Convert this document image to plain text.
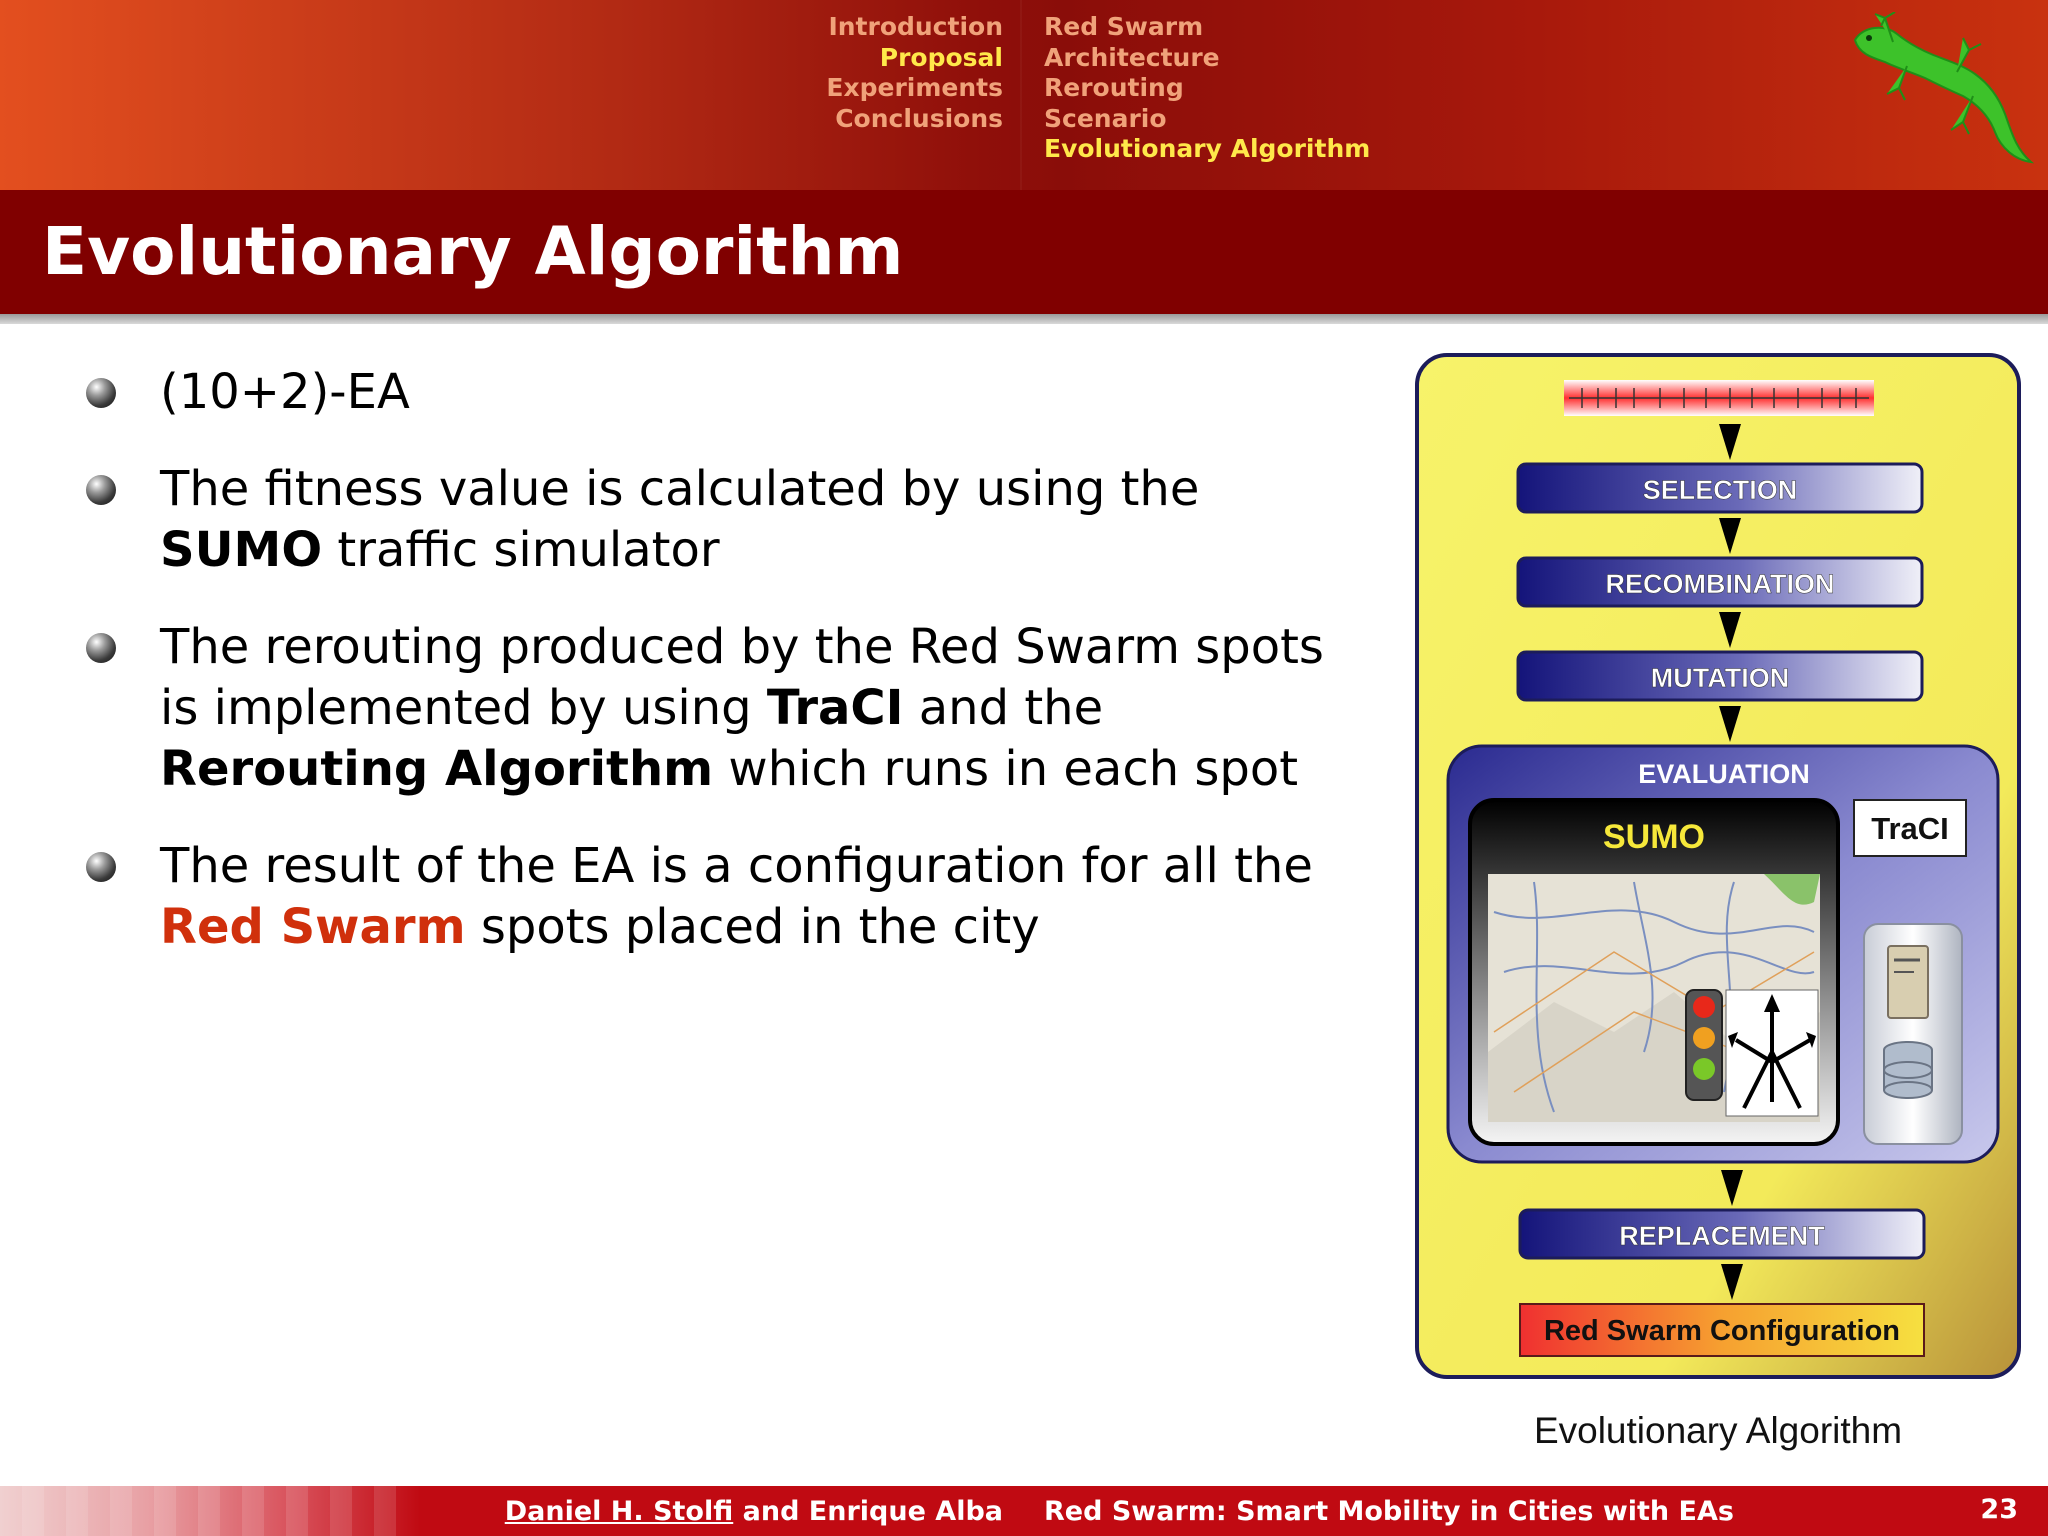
Introduction
Proposal
Experiments
Conclusions
Red Swarm
Architecture
Rerouting
Scenario
Evolutionary Algorithm
Evolutionary Algorithm
(10+2)-EA
The fitness value is calculated by using the
SUMO traffic simulator
The rerouting produced by the Red Swarm spots
is implemented by using TraCI and the
Rerouting Algorithm which runs in each spot
The result of the EA is a configuration for all the
Red Swarm spots placed in the city
SELECTION
RECOMBINATION
MUTATION
EVALUATION
SUMO	TraCI
REPLACEMENT
Red Swarm Configuration
Evolutionary Algorithm
Daniel H. Stolfi and Enrique Alba Red Swarm: Smart Mobility in Cities with EAs	23
